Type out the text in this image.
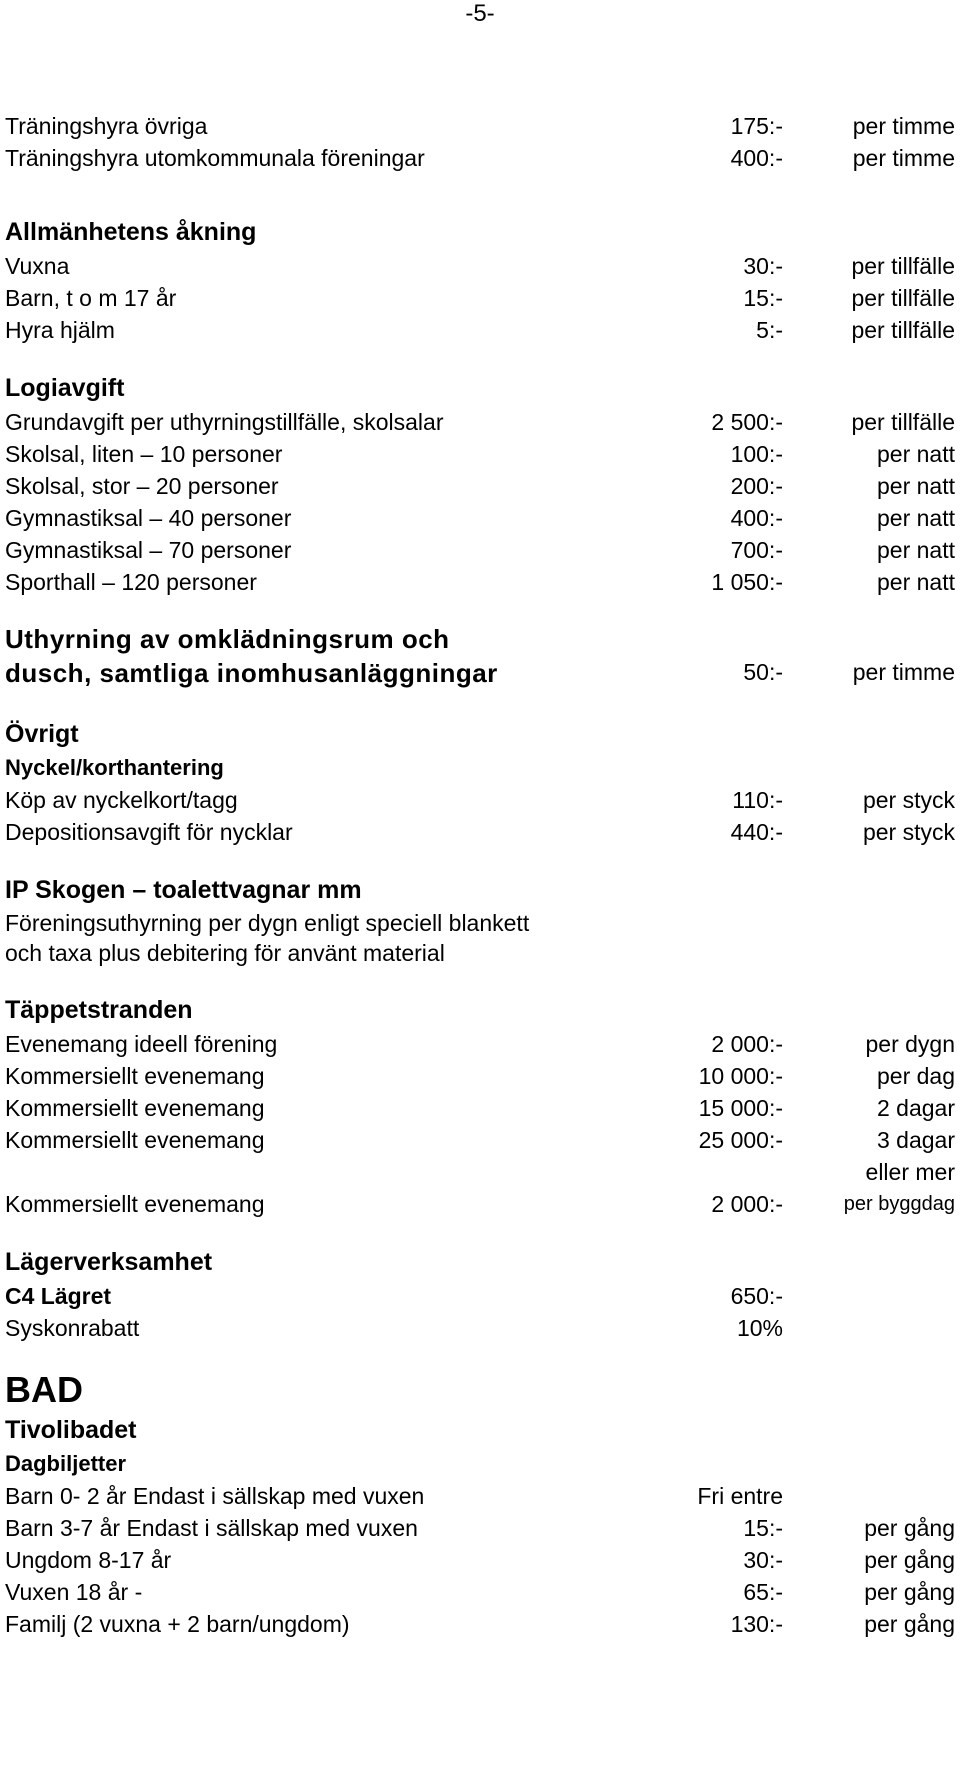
-5-
Träningshyra övriga	175:-	per timme
Träningshyra utomkommunala föreningar	400:-	per timme
Allmänhetens åkning
Vuxna	30:-	per tillfälle
Barn, t o m 17 år	15:-	per tillfälle
Hyra hjälm	5:-	per tillfälle
Logiavgift
Grundavgift per uthyrningstillfälle, skolsalar	2 500:-	per tillfälle
Skolsal, liten – 10 personer	100:-	per natt
Skolsal, stor – 20 personer	200:-	per natt
Gymnastiksal – 40 personer	400:-	per natt
Gymnastiksal – 70 personer	700:-	per natt
Sporthall – 120 personer	1 050:-	per natt
Uthyrning av omklädningsrum och
dusch, samtliga inomhusanläggningar	50:-	per timme
Övrigt
Nyckel/korthantering
Köp av nyckelkort/tagg	110:-	per styck
Depositionsavgift för nycklar	440:-	per styck
IP Skogen – toalettvagnar mm
Föreningsuthyrning per dygn enligt speciell blankett och taxa plus debitering för använt material
Täppetstranden
Evenemang ideell förening	2 000:-	per dygn
Kommersiellt evenemang	10 000:-	per dag
Kommersiellt evenemang	15 000:-	2 dagar
Kommersiellt evenemang	25 000:-	3 dagar
eller mer
Kommersiellt evenemang	2 000:-	per byggdag
Lägerverksamhet
C4 Lägret	650:-
Syskonrabatt	10%
BAD
Tivolibadet
Dagbiljetter
Barn 0- 2 år Endast i sällskap med vuxen	Fri entre
Barn 3-7 år Endast i sällskap med vuxen	15:-	per gång
Ungdom 8-17 år	30:-	per gång
Vuxen 18 år -	65:-	per gång
Familj (2 vuxna + 2 barn/ungdom)	130:-	per gång
